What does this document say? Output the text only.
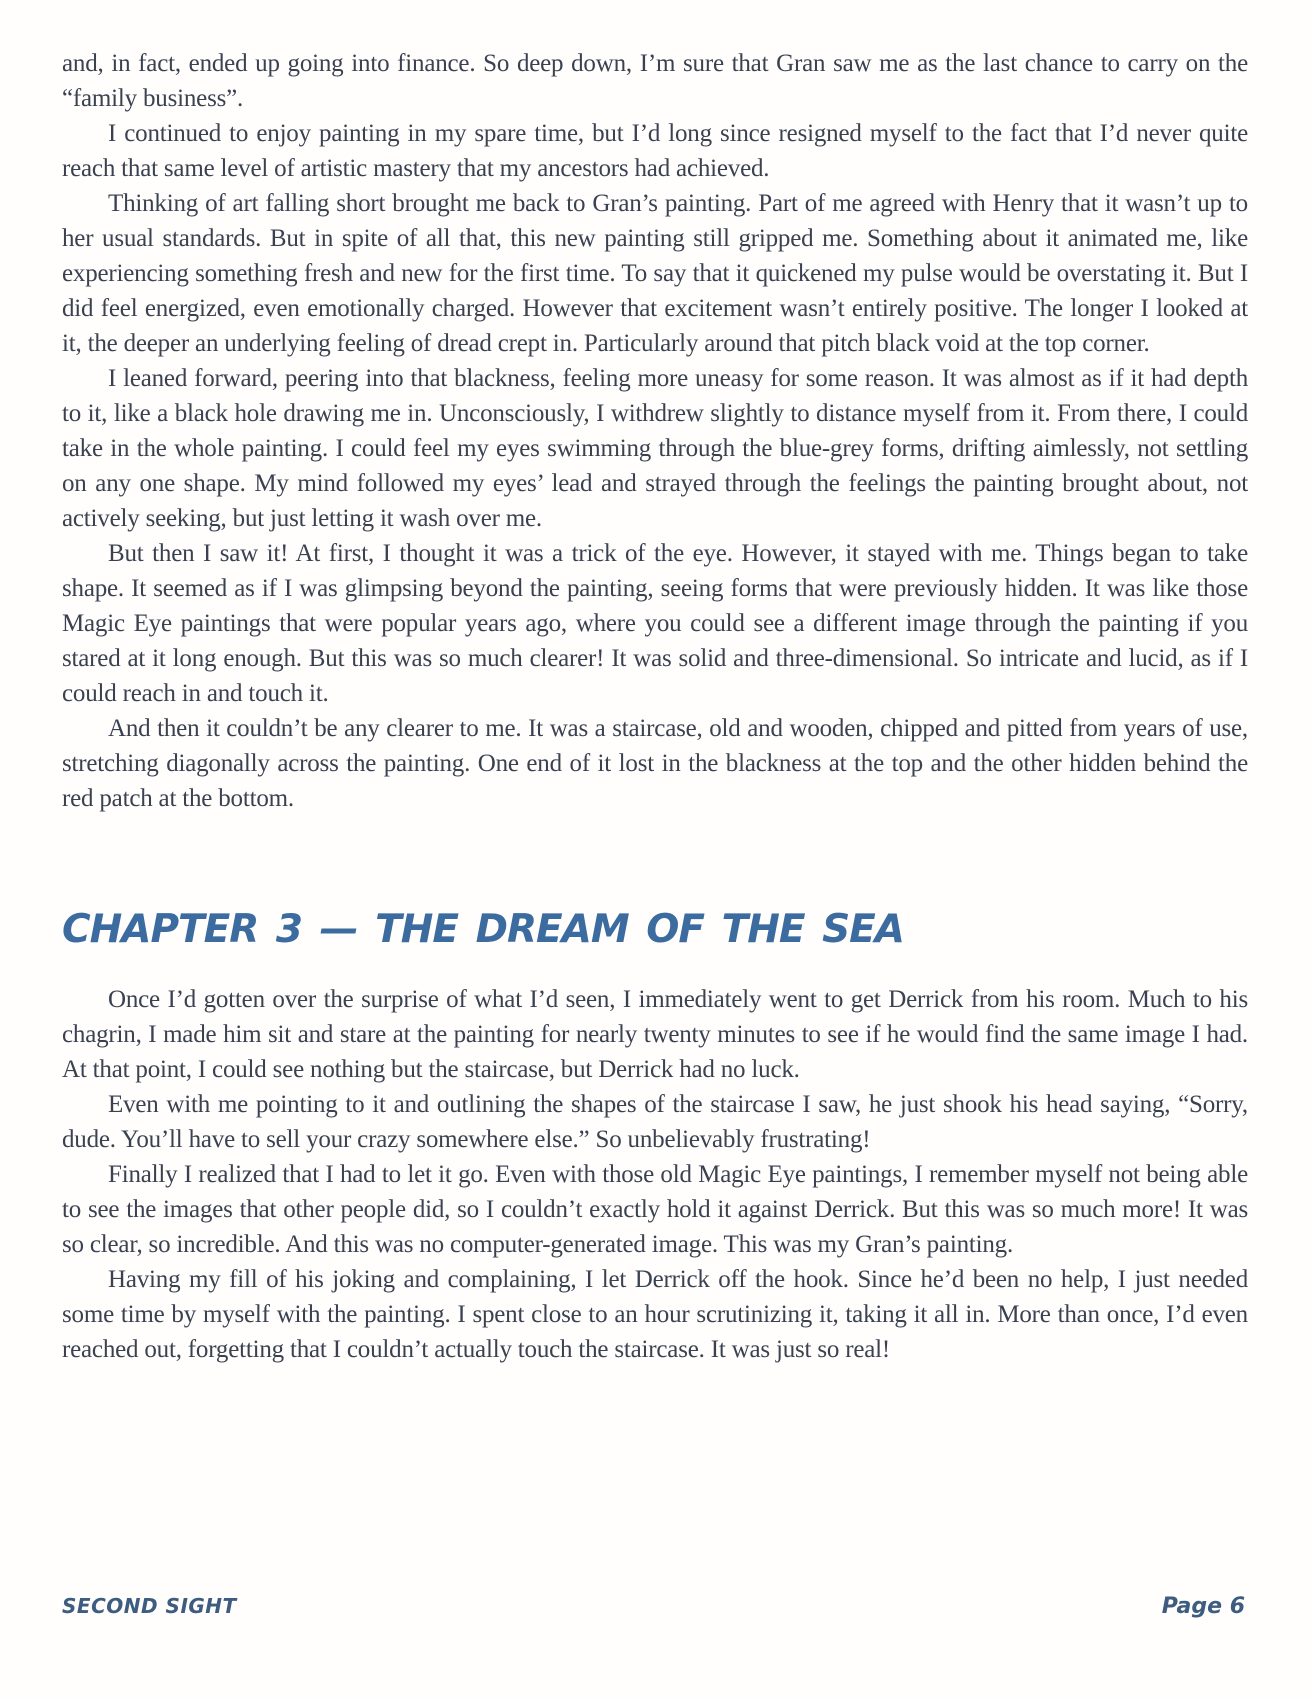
and, in fact, ended up going into finance. So deep down, I’m sure that Gran saw me as the last chance to carry on the “family business”.

I continued to enjoy painting in my spare time, but I’d long since resigned myself to the fact that I’d never quite reach that same level of artistic mastery that my ancestors had achieved.

Thinking of art falling short brought me back to Gran’s painting. Part of me agreed with Henry that it wasn’t up to her usual standards. But in spite of all that, this new painting still gripped me. Something about it animated me, like experiencing something fresh and new for the first time. To say that it quickened my pulse would be overstating it. But I did feel energized, even emotionally charged. However that excitement wasn’t entirely positive. The longer I looked at it, the deeper an underlying feeling of dread crept in. Particularly around that pitch black void at the top corner.

I leaned forward, peering into that blackness, feeling more uneasy for some reason. It was almost as if it had depth to it, like a black hole drawing me in. Unconsciously, I withdrew slightly to distance myself from it. From there, I could take in the whole painting. I could feel my eyes swimming through the blue-grey forms, drifting aimlessly, not settling on any one shape. My mind followed my eyes’ lead and strayed through the feelings the painting brought about, not actively seeking, but just letting it wash over me.

But then I saw it! At first, I thought it was a trick of the eye. However, it stayed with me. Things began to take shape. It seemed as if I was glimpsing beyond the painting, seeing forms that were previously hidden. It was like those Magic Eye paintings that were popular years ago, where you could see a different image through the painting if you stared at it long enough. But this was so much clearer! It was solid and three-dimensional. So intricate and lucid, as if I could reach in and touch it.

And then it couldn’t be any clearer to me. It was a staircase, old and wooden, chipped and pitted from years of use, stretching diagonally across the painting. One end of it lost in the blackness at the top and the other hidden behind the red patch at the bottom.

CHAPTER 3 — THE DREAM OF THE SEA

Once I’d gotten over the surprise of what I’d seen, I immediately went to get Derrick from his room. Much to his chagrin, I made him sit and stare at the painting for nearly twenty minutes to see if he would find the same image I had. At that point, I could see nothing but the staircase, but Derrick had no luck.

Even with me pointing to it and outlining the shapes of the staircase I saw, he just shook his head saying, “Sorry, dude. You’ll have to sell your crazy somewhere else.” So unbelievably frustrating!

Finally I realized that I had to let it go. Even with those old Magic Eye paintings, I remember myself not being able to see the images that other people did, so I couldn’t exactly hold it against Derrick. But this was so much more! It was so clear, so incredible. And this was no computer-generated image. This was my Gran’s painting.

Having my fill of his joking and complaining, I let Derrick off the hook. Since he’d been no help, I just needed some time by myself with the painting. I spent close to an hour scrutinizing it, taking it all in. More than once, I’d even reached out, forgetting that I couldn’t actually touch the staircase. It was just so real!

SECOND SIGHT	Page 6
